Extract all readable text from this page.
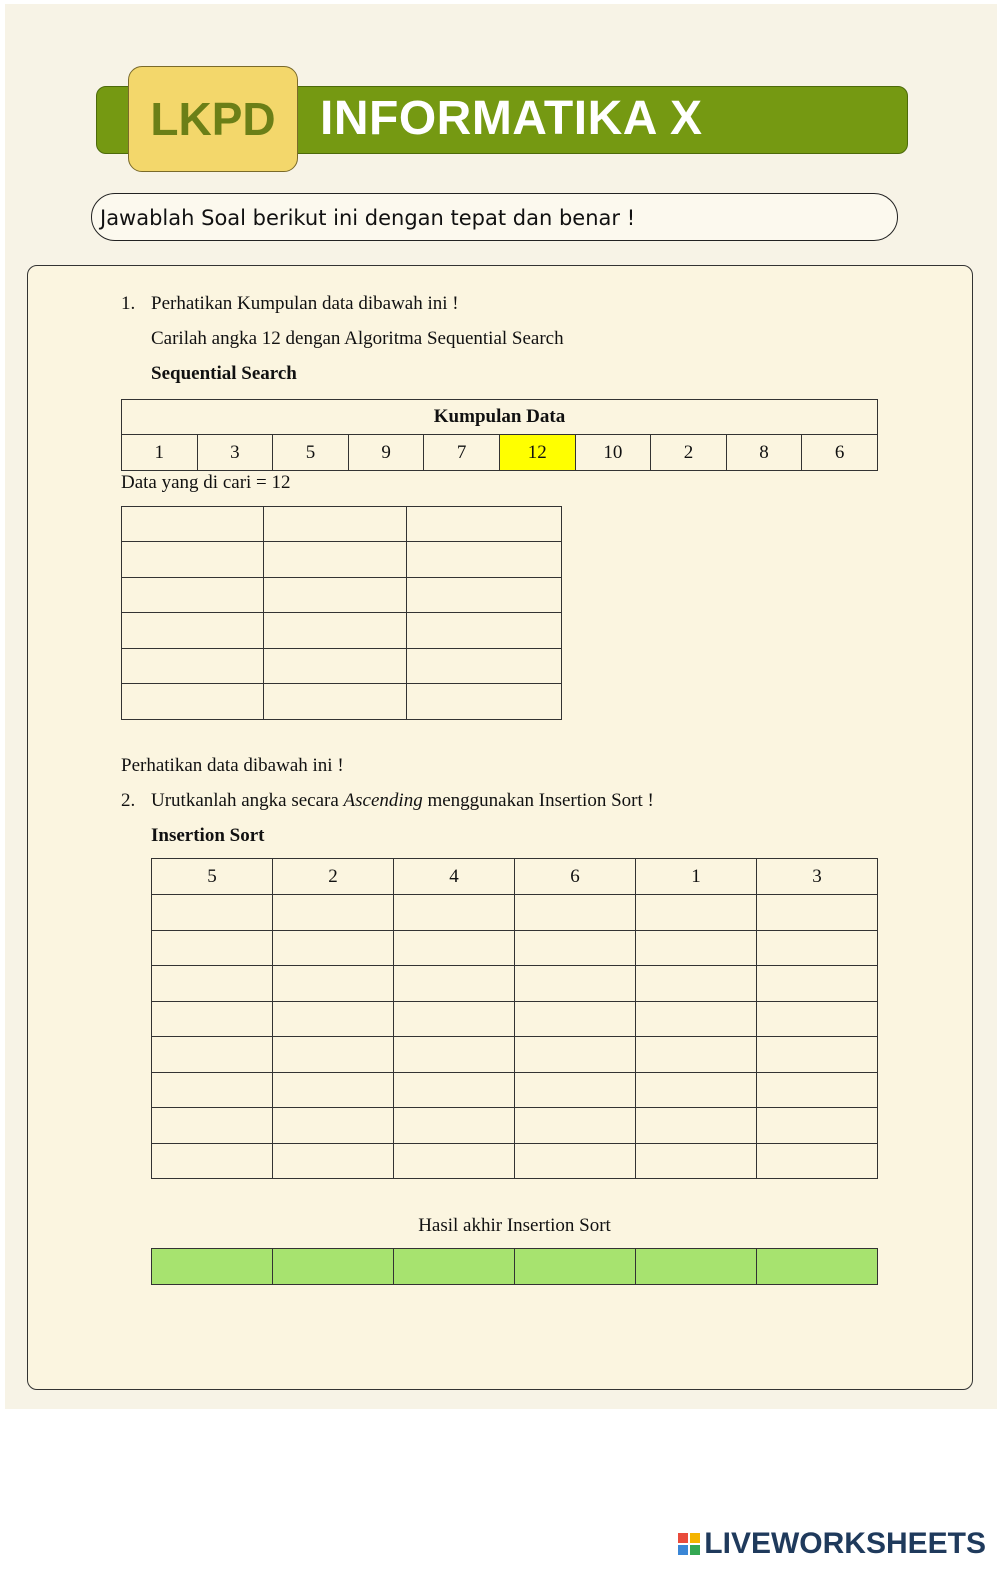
INFORMATIKA X
LKPD
Jawablah Soal berikut ini dengan tepat dan benar !
1. Perhatikan Kumpulan data dibawah ini !
Carilah angka 12 dengan Algoritma Sequential Search
Sequential Search
Kumpulan Data
1	3	5	9	7	12	10	2	8	6
Data yang di cari = 12

Perhatikan data dibawah ini !
2. Urutkanlah angka secara Ascending menggunakan Insertion Sort !
Insertion Sort
5	2	4	6	1	3

Hasil akhir Insertion Sort

LIVEWORKSHEETS
